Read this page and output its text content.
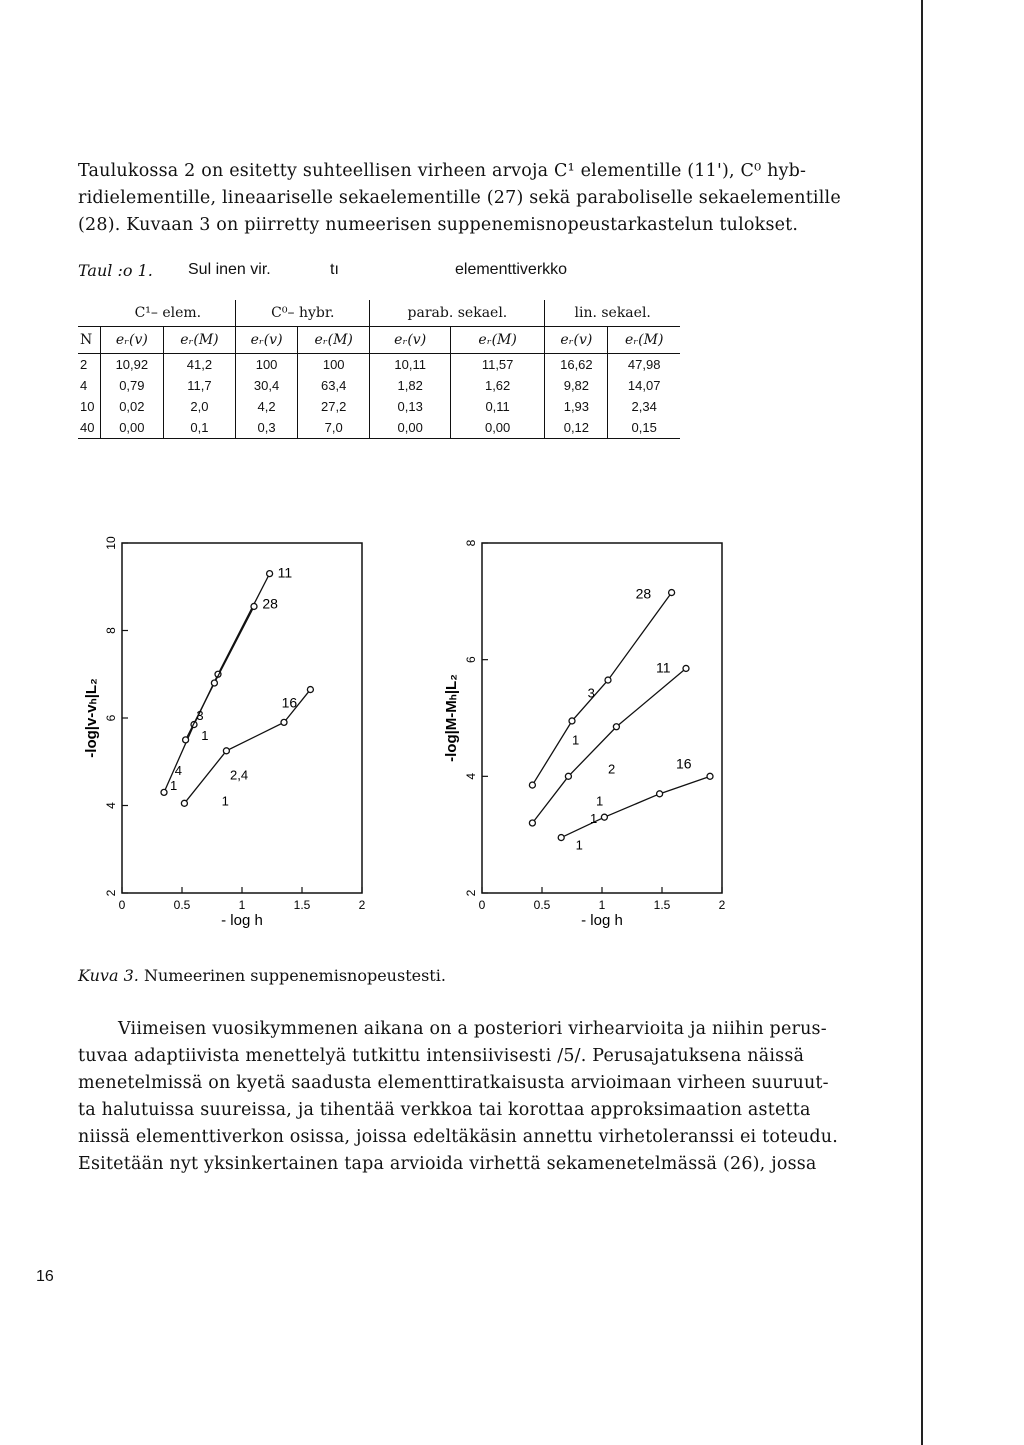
Taulukossa 2 on esitetty suhteellisen virheen arvoja C¹ elementille (11'), C⁰ hyb-
ridielementille, lineaariselle sekaelementille (27) sekä paraboliselle sekaelementille
(28). Kuvaan 3 on piirretty numeerisen suppenemisnopeustarkastelun tulokset.
Taul :o 1. Sul inen vir.	tı	elementtiverkko
	C¹– elem.		C⁰– hybr.		parab. sekael.		lin. sekael.	
N	eᵣ(v)	eᵣ(M)	eᵣ(v)	eᵣ(M)	eᵣ(v)	eᵣ(M)	eᵣ(v)	eᵣ(M)
2	10,92	41,2	100	100	10,11	11,57	16,62	47,98
4	0,79	11,7	30,4	63,4	1,82	1,62	9,82	14,07
10	0,02	2,0	4,2	27,2	0,13	0,11	1,93	2,34
40	0,00	0,1	0,3	7,0	0,00	0,00	0,12	0,15
0	0.5	1	1.5	2
2
4
6
8
10
- log h
-log|v-vₕ|L₂
11
28
16
4
1
3
1
2,4
1
0	0.5	1	1.5	2
2
4
6
8
- log h
-log|M-Mₕ|L₂
28
11
16
3
1
2
1
1
1
Kuva 3. Numeerinen suppenemisnopeustesti.
Viimeisen vuosikymmenen aikana on a posteriori virhearvioita ja niihin perus-
tuvaa adaptiivista menettelyä tutkittu intensiivisesti /5/. Perusajatuksena näissä
menetelmissä on kyetä saadusta elementtiratkaisusta arvioimaan virheen suuruut-
ta halutuissa suureissa, ja tihentää verkkoa tai korottaa approksimaation astetta
niissä elementtiverkon osissa, joissa edeltäkäsin annettu virhetoleranssi ei toteudu.
Esitetään nyt yksinkertainen tapa arvioida virhettä sekamenetelmässä (26), jossa
16
